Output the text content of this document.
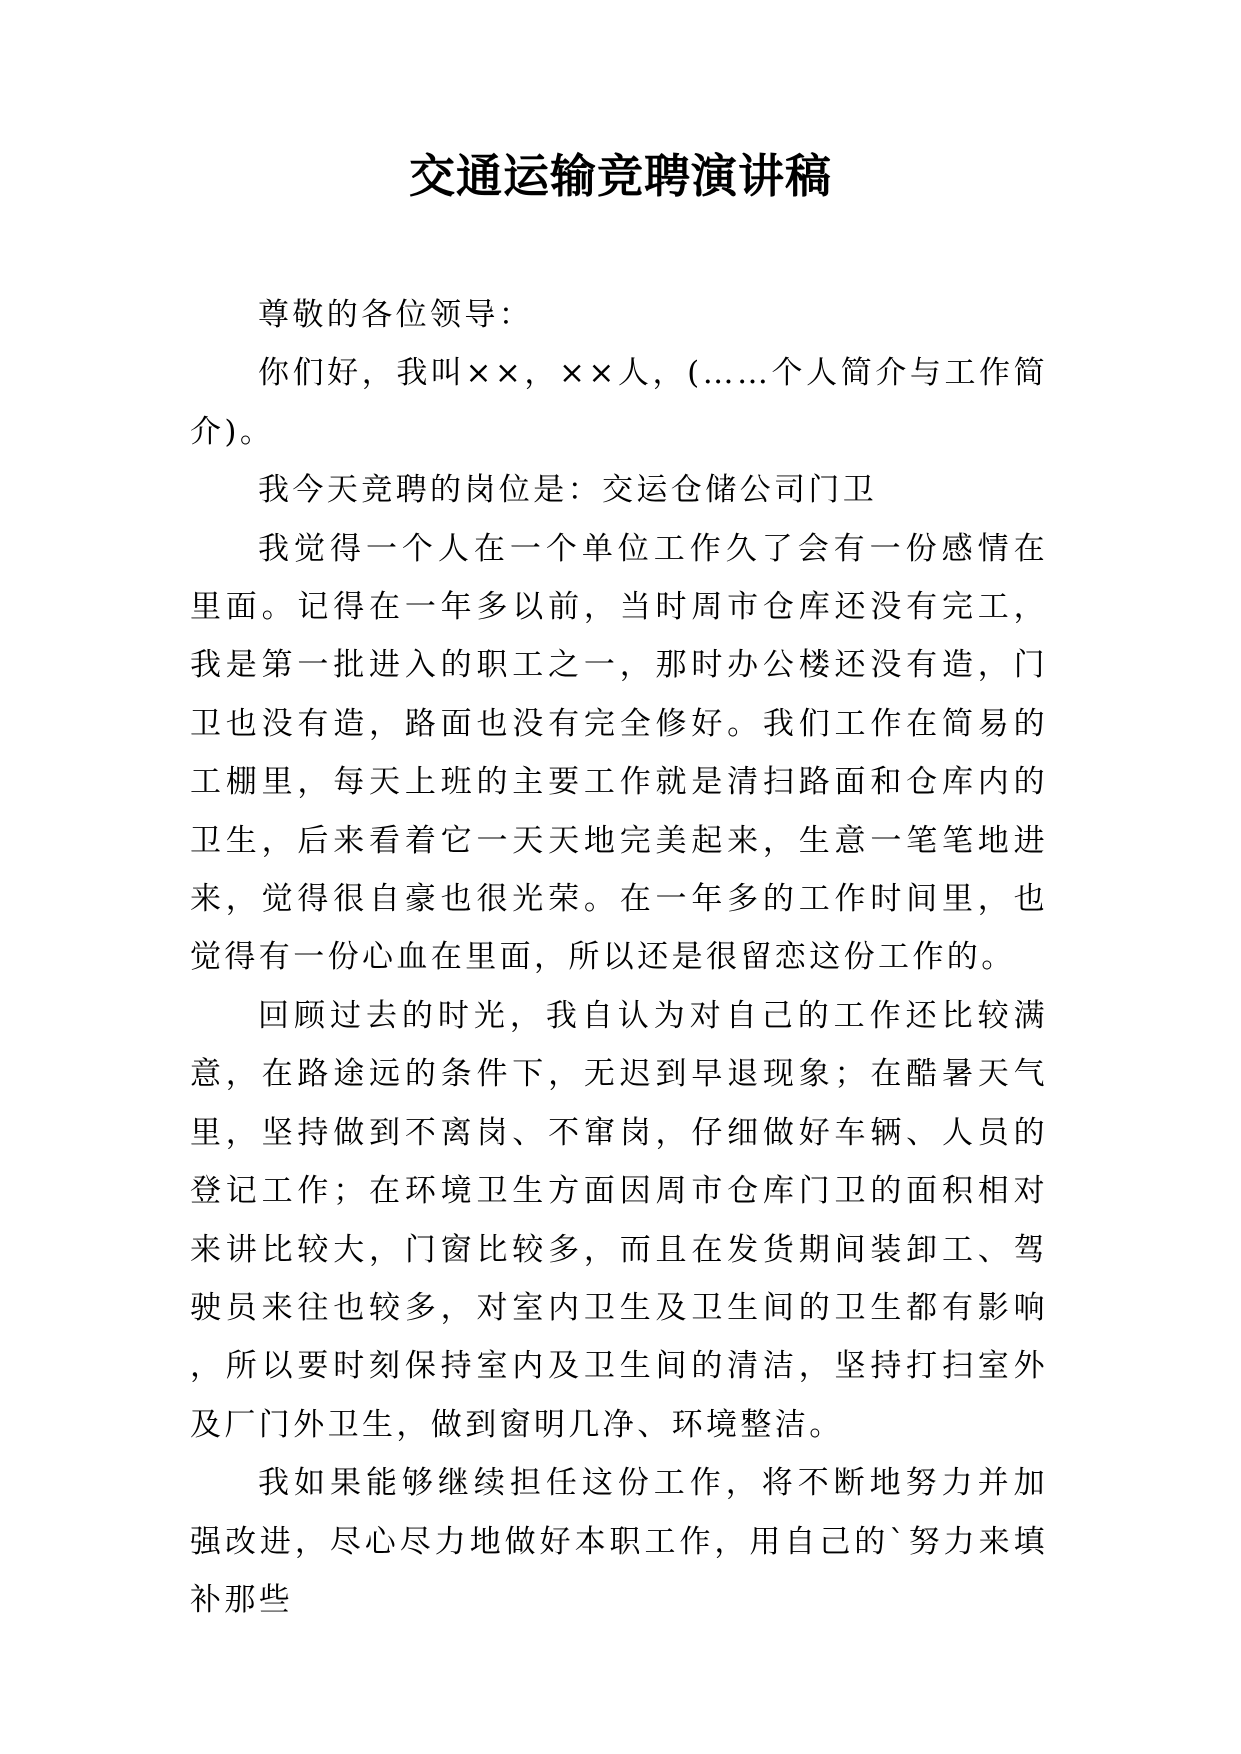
交通运输竞聘演讲稿

尊敬的各位领导：

你们好，我叫××，××人，(……个人简介与工作简介)。

我今天竞聘的岗位是：交运仓储公司门卫

我觉得一个人在一个单位工作久了会有一份感情在里面。记得在一年多以前，当时周市仓库还没有完工，我是第一批进入的职工之一，那时办公楼还没有造，门卫也没有造，路面也没有完全修好。我们工作在简易的工棚里，每天上班的主要工作就是清扫路面和仓库内的卫生，后来看着它一天天地完美起来，生意一笔笔地进来，觉得很自豪也很光荣。在一年多的工作时间里，也觉得有一份心血在里面，所以还是很留恋这份工作的。

回顾过去的时光，我自认为对自己的工作还比较满意，在路途远的条件下，无迟到早退现象；在酷暑天气里，坚持做到不离岗、不窜岗，仔细做好车辆、人员的登记工作；在环境卫生方面因周市仓库门卫的面积相对来讲比较大，门窗比较多，而且在发货期间装卸工、驾驶员来往也较多，对室内卫生及卫生间的卫生都有影响，所以要时刻保持室内及卫生间的清洁，坚持打扫室外及厂门外卫生，做到窗明几净、环境整洁。

我如果能够继续担任这份工作，将不断地努力并加强改进，尽心尽力地做好本职工作，用自己的`努力来填补那些
